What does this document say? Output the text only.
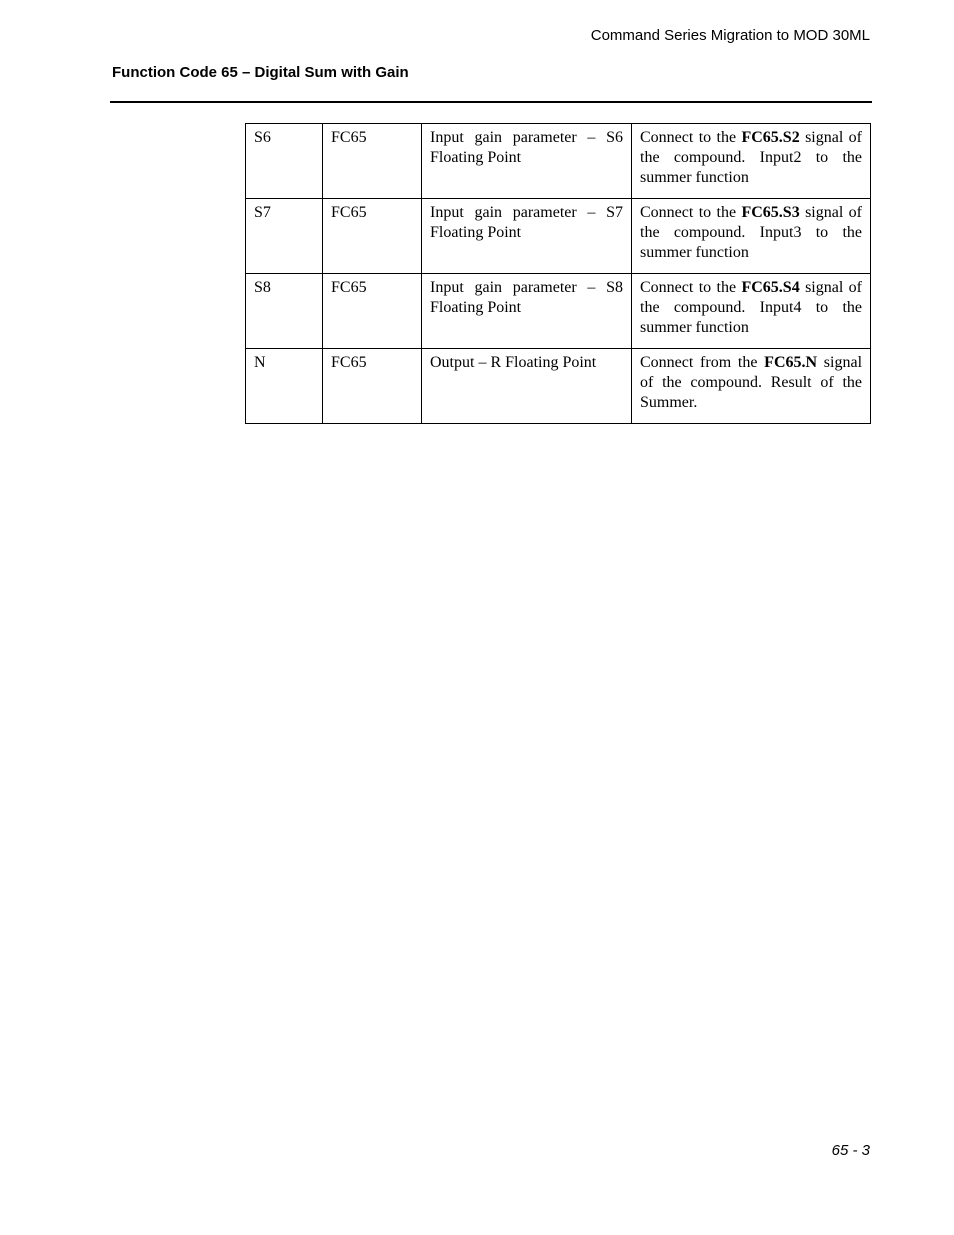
Command Series Migration to MOD 30ML
Function Code 65 – Digital Sum with Gain
S6	FC65	Input gain parameter – S6 Floating Point	Connect to the FC65.S2 signal of the compound. Input2 to the summer function
S7	FC65	Input gain parameter – S7 Floating Point	Connect to the FC65.S3 signal of the compound. Input3 to the summer function
S8	FC65	Input gain parameter – S8 Floating Point	Connect to the FC65.S4 signal of the compound. Input4 to the summer function
N	FC65	Output – R Floating Point	Connect from the FC65.N signal of the compound. Result of the Summer.
65 - 3
